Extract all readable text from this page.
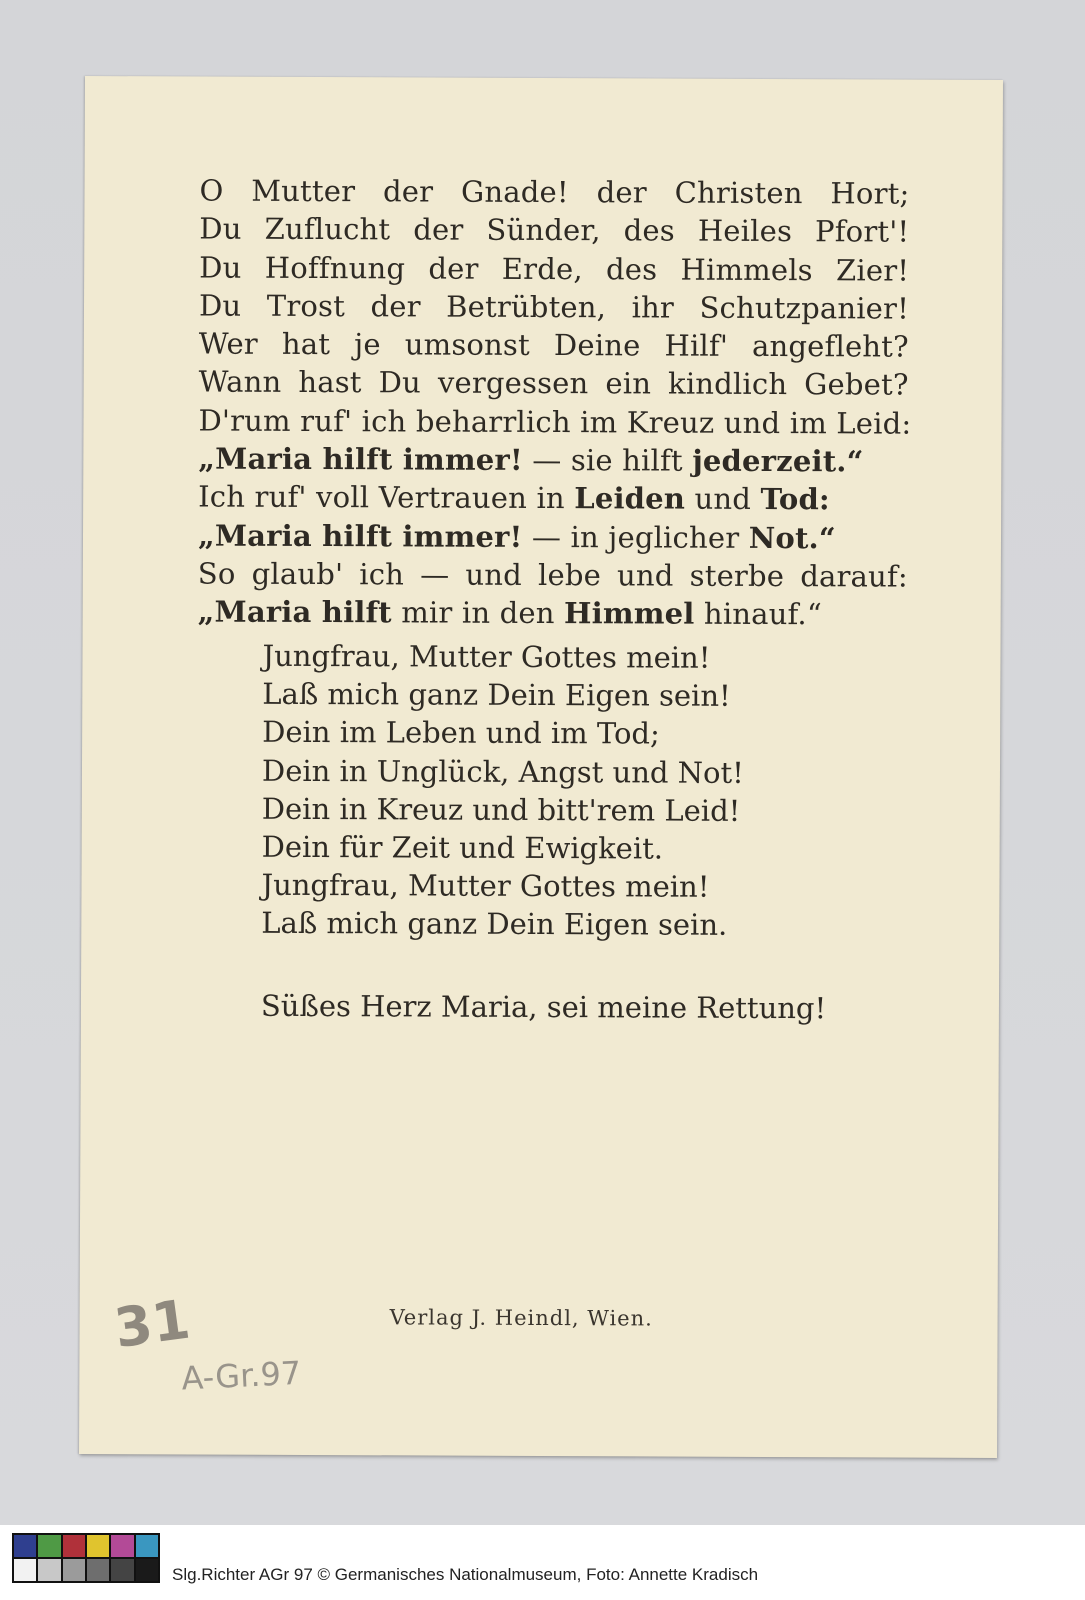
O Mutter der Gnade! der Christen Hort;
Du Zuflucht der Sünder, des Heiles Pfort'!
Du Hoffnung der Erde, des Himmels Zier!
Du Trost der Betrübten, ihr Schutzpanier!
Wer hat je umsonst Deine Hilf' angefleht?
Wann hast Du vergessen ein kindlich Gebet?
D'rum ruf' ich beharrlich im Kreuz und im Leid:
„Maria hilft immer! — sie hilft jederzeit.“
Ich ruf' voll Vertrauen in Leiden und Tod:
„Maria hilft immer! — in jeglicher Not.“
So glaub' ich — und lebe und sterbe darauf:
„Maria hilft mir in den Himmel hinauf.“
Jungfrau, Mutter Gottes mein!
Laß mich ganz Dein Eigen sein!
Dein im Leben und im Tod;
Dein in Unglück, Angst und Not!
Dein in Kreuz und bitt'rem Leid!
Dein für Zeit und Ewigkeit.
Jungfrau, Mutter Gottes mein!
Laß mich ganz Dein Eigen sein.
Süßes Herz Maria, sei meine Rettung!
Verlag J. Heindl, Wien.
31
A-Gr.97
Slg.Richter AGr 97 © Germanisches Nationalmuseum, Foto: Annette Kradisch
